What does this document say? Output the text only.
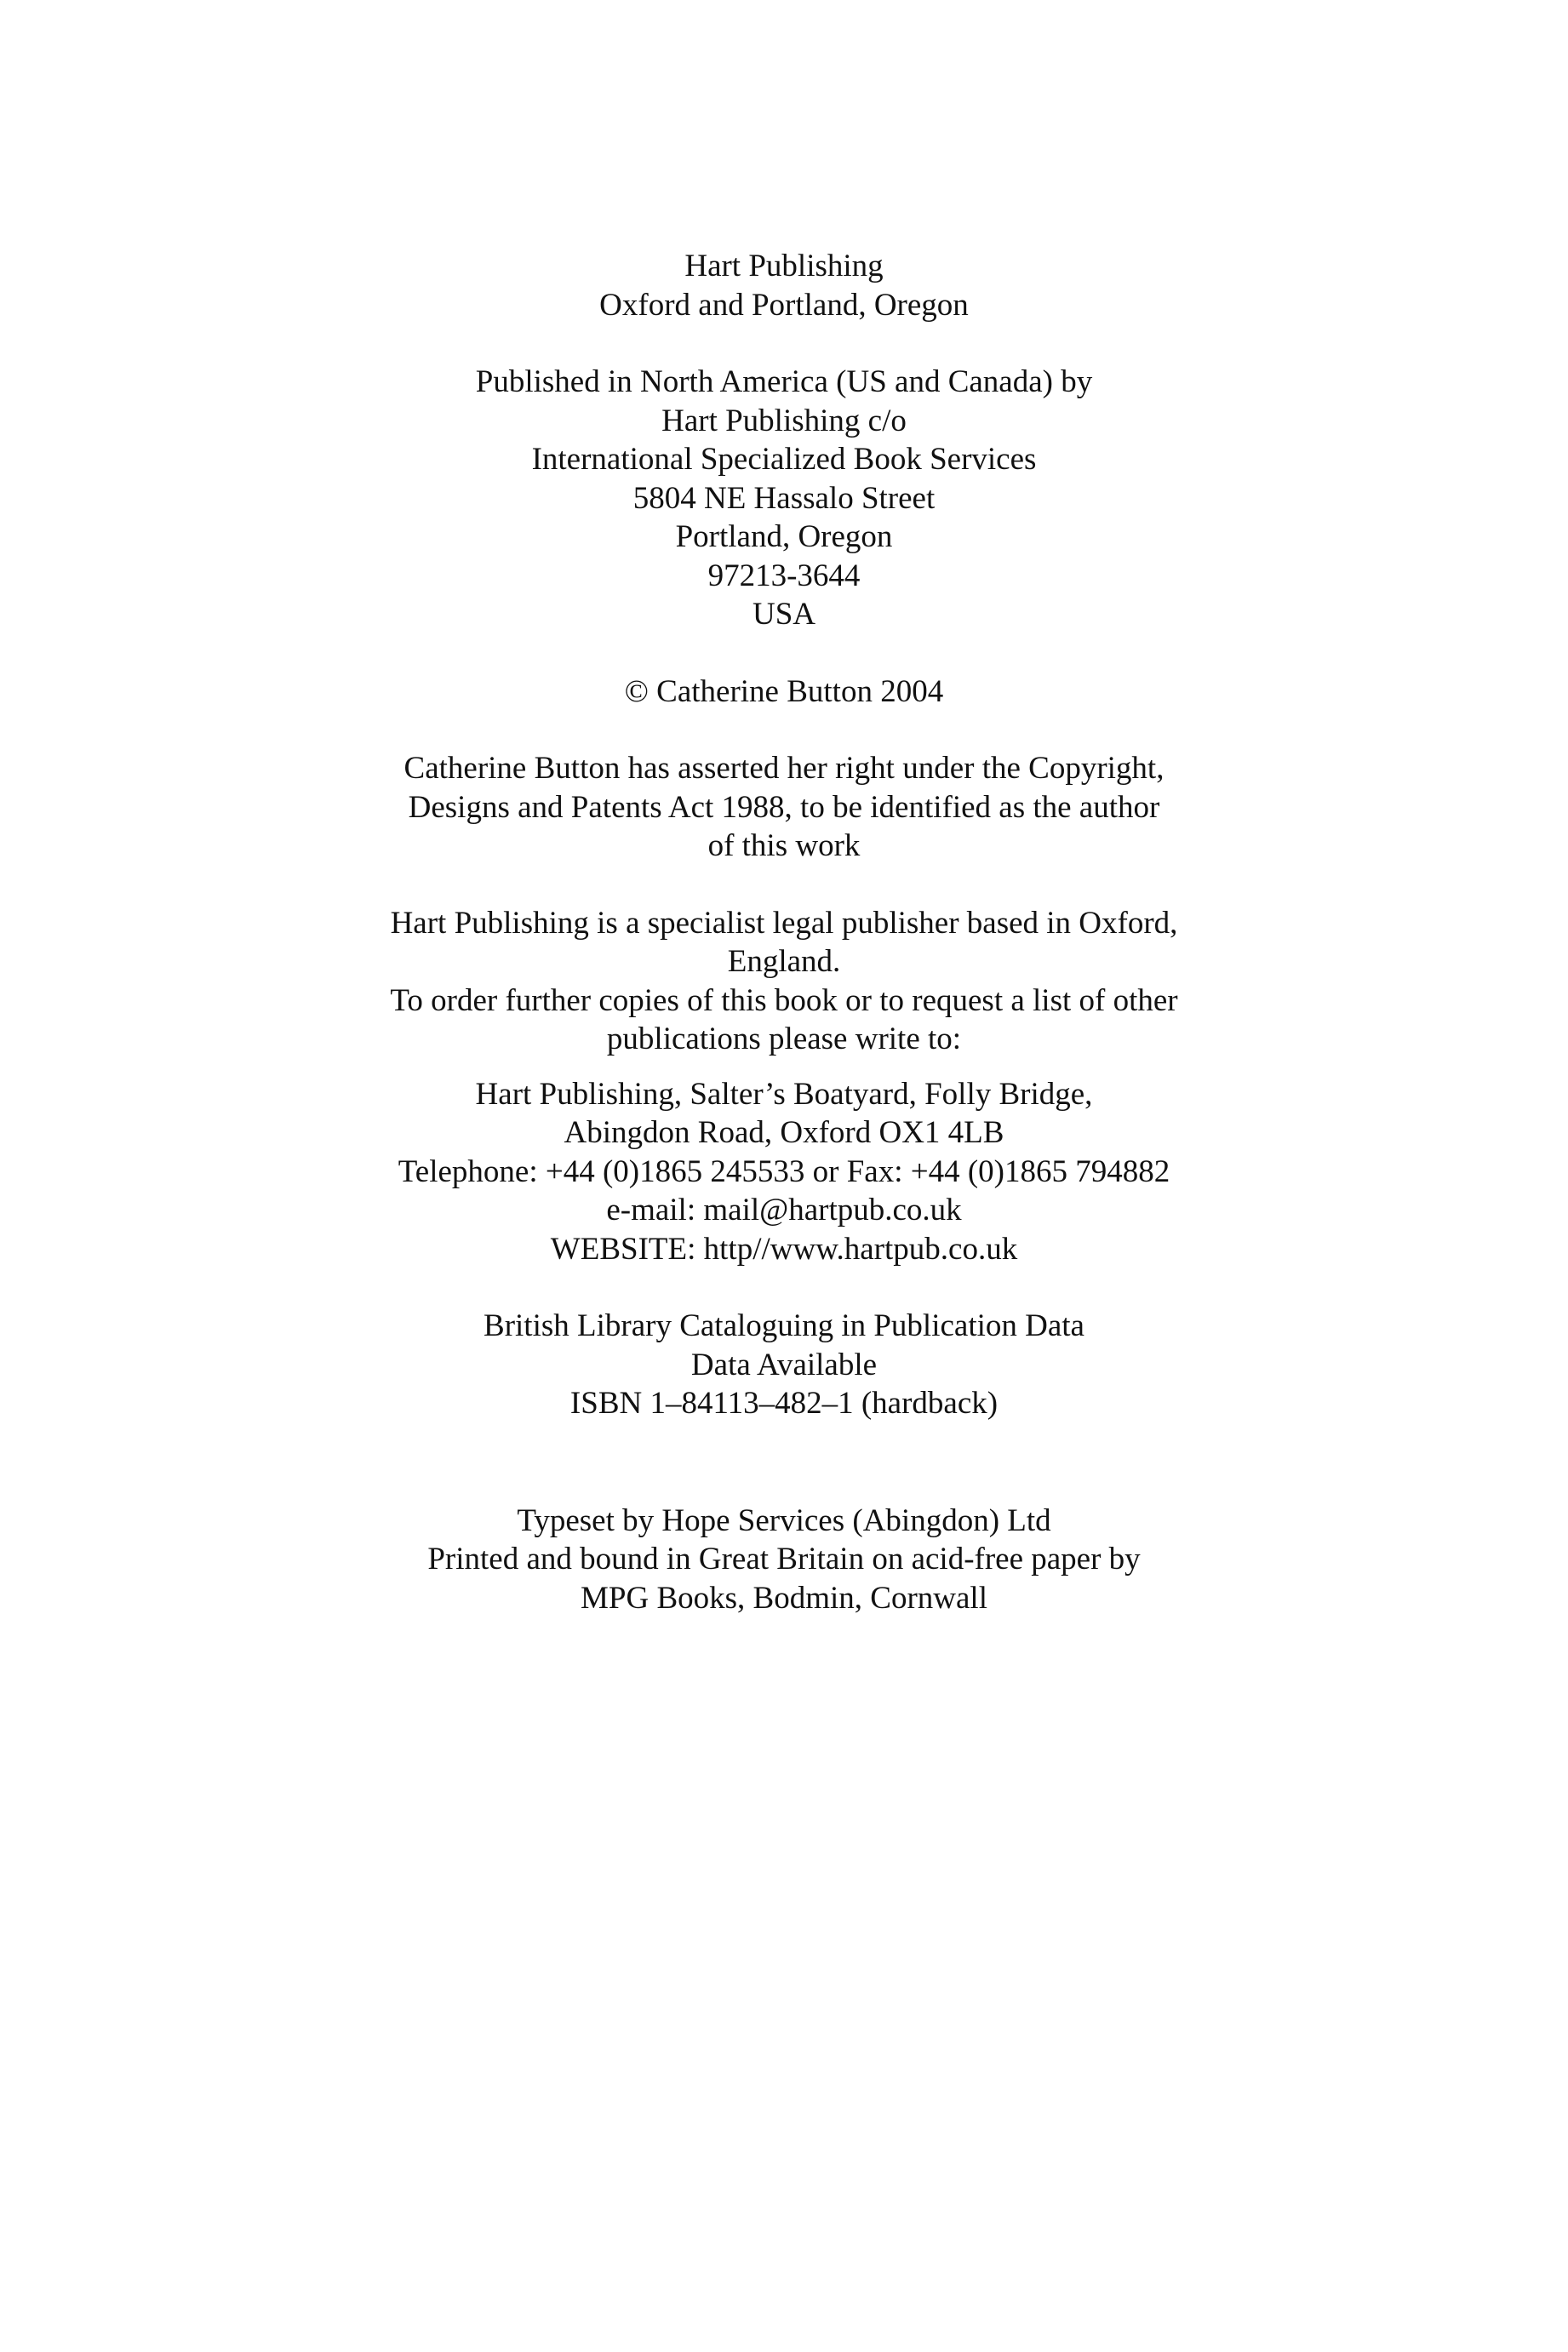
Hart Publishing
Oxford and Portland, Oregon
Published in North America (US and Canada) by
Hart Publishing c/o
International Specialized Book Services
5804 NE Hassalo Street
Portland, Oregon
97213-3644
USA
© Catherine Button 2004
Catherine Button has asserted her right under the Copyright,
Designs and Patents Act 1988, to be identified as the author
of this work
Hart Publishing is a specialist legal publisher based in Oxford,
England.
To order further copies of this book or to request a list of other
publications please write to:
Hart Publishing, Salter’s Boatyard, Folly Bridge,
Abingdon Road, Oxford OX1 4LB
Telephone: +44 (0)1865 245533 or Fax: +44 (0)1865 794882
e-mail: mail@hartpub.co.uk
WEBSITE: http//www.hartpub.co.uk
British Library Cataloguing in Publication Data
Data Available
ISBN 1–84113–482–1 (hardback)
Typeset by Hope Services (Abingdon) Ltd
Printed and bound in Great Britain on acid-free paper by
MPG Books, Bodmin, Cornwall
